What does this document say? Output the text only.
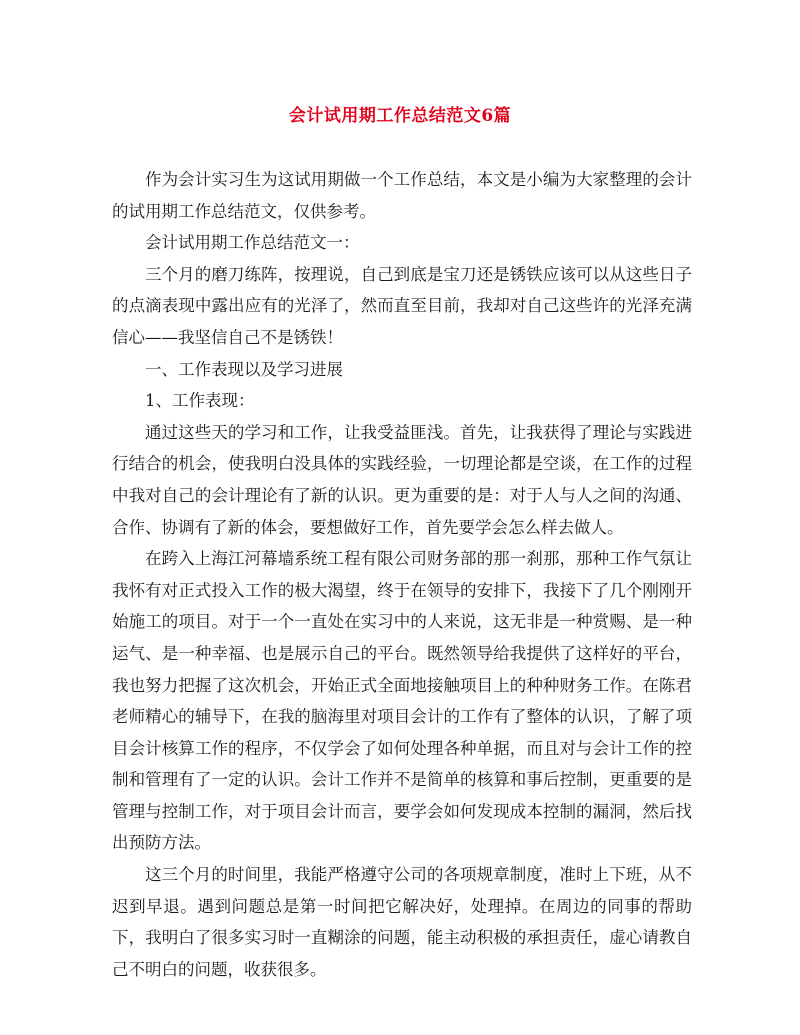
会计试用期工作总结范文6篇

作为会计实习生为这试用期做一个工作总结，本文是小编为大家整理的会计的试用期工作总结范文，仅供参考。

会计试用期工作总结范文一：

三个月的磨刀练阵，按理说，自己到底是宝刀还是锈铁应该可以从这些日子的点滴表现中露出应有的光泽了，然而直至目前，我却对自己这些许的光泽充满信心——我坚信自己不是锈铁！

一、工作表现以及学习进展

1、工作表现：

通过这些天的学习和工作，让我受益匪浅。首先，让我获得了理论与实践进行结合的机会，使我明白没具体的实践经验，一切理论都是空谈，在工作的过程中我对自己的会计理论有了新的认识。更为重要的是：对于人与人之间的沟通、合作、协调有了新的体会，要想做好工作，首先要学会怎么样去做人。

在跨入上海江河幕墙系统工程有限公司财务部的那一刹那，那种工作气氛让我怀有对正式投入工作的极大渴望，终于在领导的安排下，我接下了几个刚刚开始施工的项目。对于一个一直处在实习中的人来说，这无非是一种赏赐、是一种运气、是一种幸福、也是展示自己的平台。既然领导给我提供了这样好的平台，我也努力把握了这次机会，开始正式全面地接触项目上的种种财务工作。在陈君老师精心的辅导下，在我的脑海里对项目会计的工作有了整体的认识，了解了项目会计核算工作的程序，不仅学会了如何处理各种单据，而且对与会计工作的控制和管理有了一定的认识。会计工作并不是简单的核算和事后控制，更重要的是管理与控制工作，对于项目会计而言，要学会如何发现成本控制的漏洞，然后找出预防方法。

这三个月的时间里，我能严格遵守公司的各项规章制度，准时上下班，从不迟到早退。遇到问题总是第一时间把它解决好，处理掉。在周边的同事的帮助下，我明白了很多实习时一直糊涂的问题，能主动积极的承担责任，虚心请教自己不明白的问题，收获很多。
